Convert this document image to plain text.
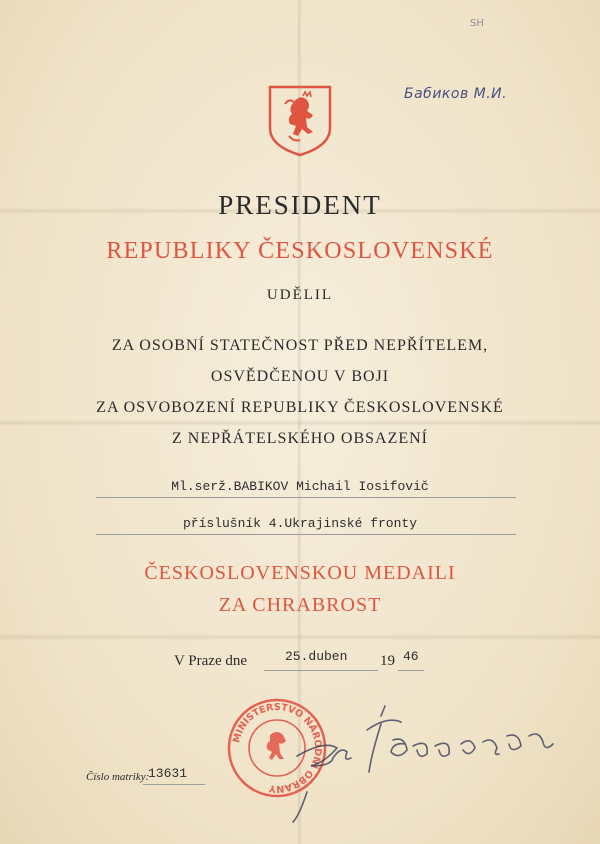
SH
Бабиков М.И.
PRESIDENT
REPUBLIKY ČESKOSLOVENSKÉ
UDĚLIL
ZA OSOBNÍ STATEČNOST PŘED NEPŘÍTELEM,
OSVĚDČENOU V BOJI
ZA OSVOBOZENÍ REPUBLIKY ČESKOSLOVENSKÉ
Z NEPŘÁTELSKÉHO OBSAZENÍ
Ml.serž.BABIKOV Michail Iosifovič
příslušník 4.Ukrajinské fronty
ČESKOSLOVENSKOU MEDAILI
ZA CHRABROST
V Praze dne	25.duben 19 46
Číslo matriky:
13631
MINISTERSTVO NÁRODNÍ OBRANY
